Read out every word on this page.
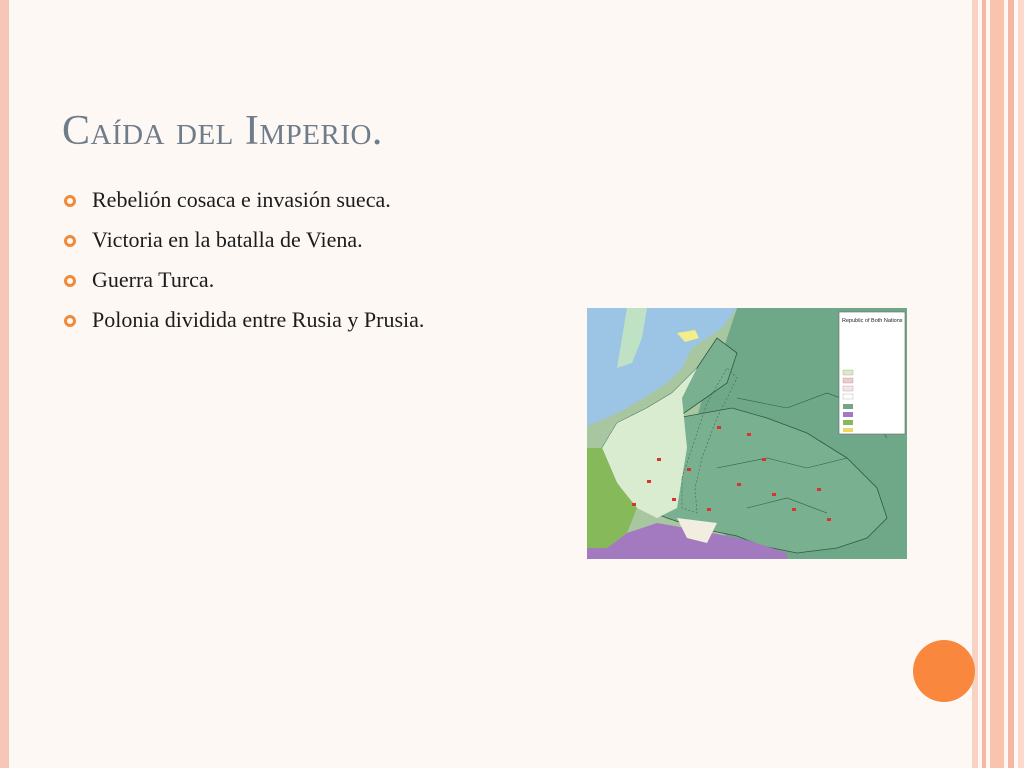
Caída del Imperio.
Rebelión cosaca e invasión sueca.
Victoria en la batalla de Viena.
Guerra Turca.
Polonia dividida entre Rusia y Prusia.	Republic of Both Nations
